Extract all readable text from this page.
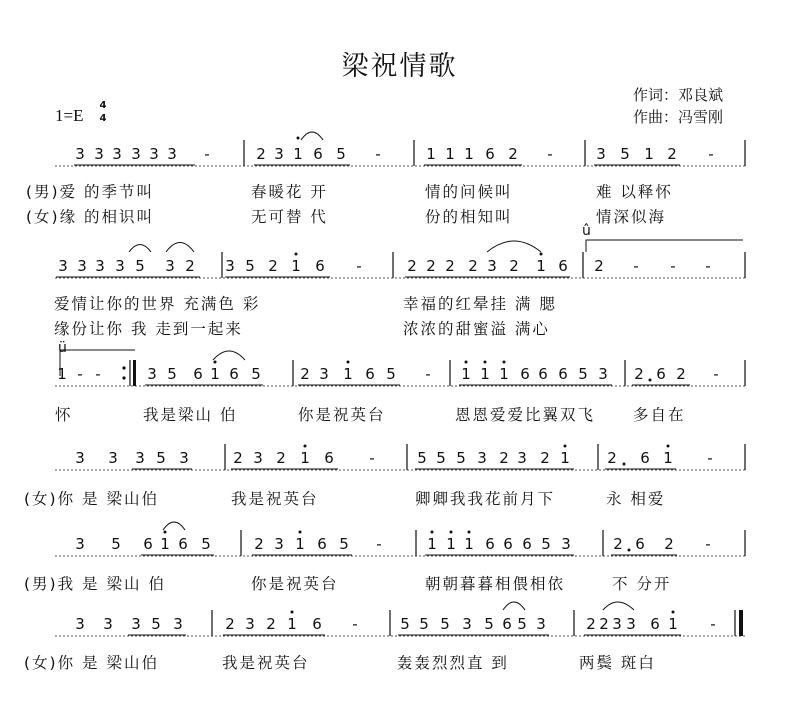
梁祝情歌
作词：邓良斌
作曲：冯雪刚
1=E
4
4
û
ü
3 3 3 3 3 3 -	2 3 1 6 5 -	1 1 1 6 2 -	3 5 1 2 -
3 3 3 3 5 3 2 3 5 2 1 6 -	2 2 2 2 3 2 1 6 2 - - -
1 - -	3 5 6 1 6 5	2 3 1 6 5 - 1 1 1 6 6 6 5 3 2 6 2 -
3 3 3 5 3	2 3 2 1 6 -	5 5 5 3 2 3 2 1 2 6 1 -
3 5 6 1 6 5	2 3 1 6 5 -	1 1 1 6 6 6 5 3	2 6 2 -
3 3 3 5 3	2 3 2 1 6 -	5 5 5 3 5 6 5 3	2 2 3 3 6 1 -
(男)爱 的季节叫	春暖花 开	情的问候叫	难 以释怀
(女)缘 的相识叫	无可替 代	份的相知叫	情深似海
爱情让你的世界 充满色 彩	幸福的红晕挂 满 腮
缘份让你 我 走到一起来	浓浓的甜蜜溢 满心
怀	我是梁山 伯	你是祝英台	恩恩爱爱比翼双飞 多自在
(女)你 是 梁山伯	我是祝英台	卿卿我我花前月下	永 相爱
(男)我 是 梁山 伯	你是祝英台	朝朝暮暮相偎相依	不 分开
(女)你 是 梁山伯	我是祝英台	轰轰烈烈直 到	两鬓 斑白
